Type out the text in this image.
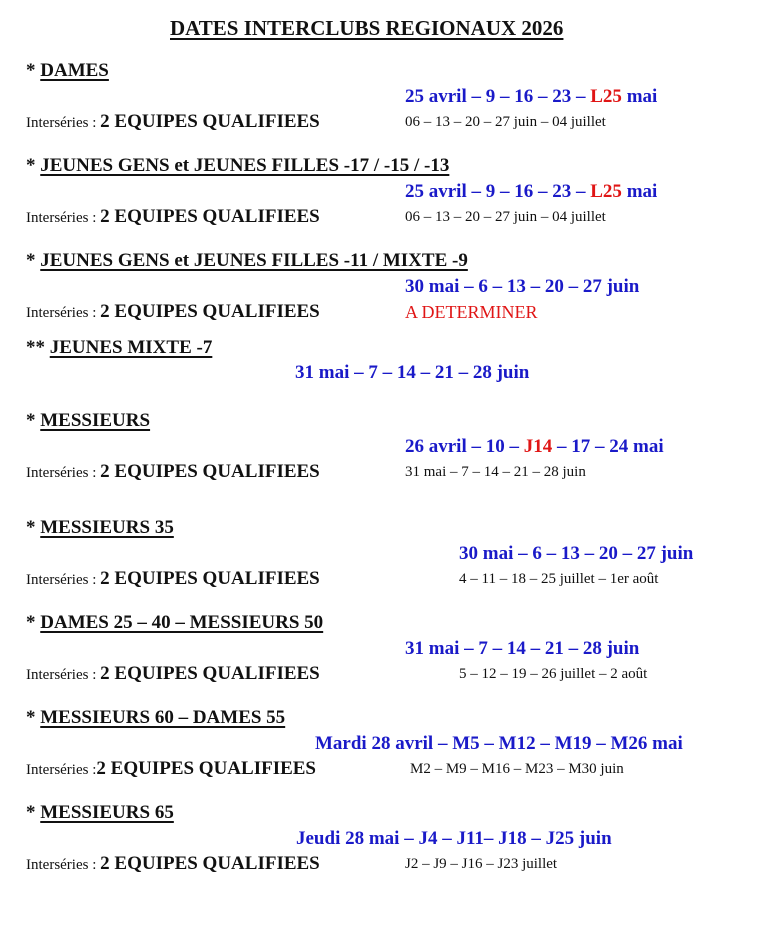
DATES INTERCLUBS REGIONAUX 2026
* DAMES
25 avril – 9 – 16 – 23 – L25 mai
Interséries : 2 EQUIPES QUALIFIEES	06 – 13 – 20 – 27 juin – 04 juillet
* JEUNES GENS et JEUNES FILLES -17 / -15 / -13
25 avril – 9 – 16 – 23 – L25 mai
Interséries : 2 EQUIPES QUALIFIEES	06 – 13 – 20 – 27 juin – 04 juillet
* JEUNES GENS et JEUNES FILLES -11 / MIXTE -9
30 mai – 6 – 13 – 20 – 27 juin
Interséries : 2 EQUIPES QUALIFIEES	A DETERMINER
** JEUNES MIXTE -7
31 mai – 7 – 14 – 21 – 28 juin
* MESSIEURS
26 avril – 10 – J14 – 17 – 24 mai
Interséries : 2 EQUIPES QUALIFIEES	31 mai – 7 – 14 – 21 – 28 juin
* MESSIEURS 35
30 mai – 6 – 13 – 20 – 27 juin
Interséries : 2 EQUIPES QUALIFIEES	4 – 11 – 18 – 25 juillet – 1er août
* DAMES 25 – 40 – MESSIEURS 50
31 mai – 7 – 14 – 21 – 28 juin
Interséries : 2 EQUIPES QUALIFIEES	5 – 12 – 19 – 26 juillet – 2 août
* MESSIEURS 60 – DAMES 55
Mardi 28 avril – M5 – M12 – M19 – M26 mai
Interséries :2 EQUIPES QUALIFIEES	M2 – M9 – M16 – M23 – M30 juin
* MESSIEURS 65
Jeudi 28 mai – J4 – J11– J18 – J25 juin
Interséries : 2 EQUIPES QUALIFIEES	J2 – J9 – J16 – J23 juillet
